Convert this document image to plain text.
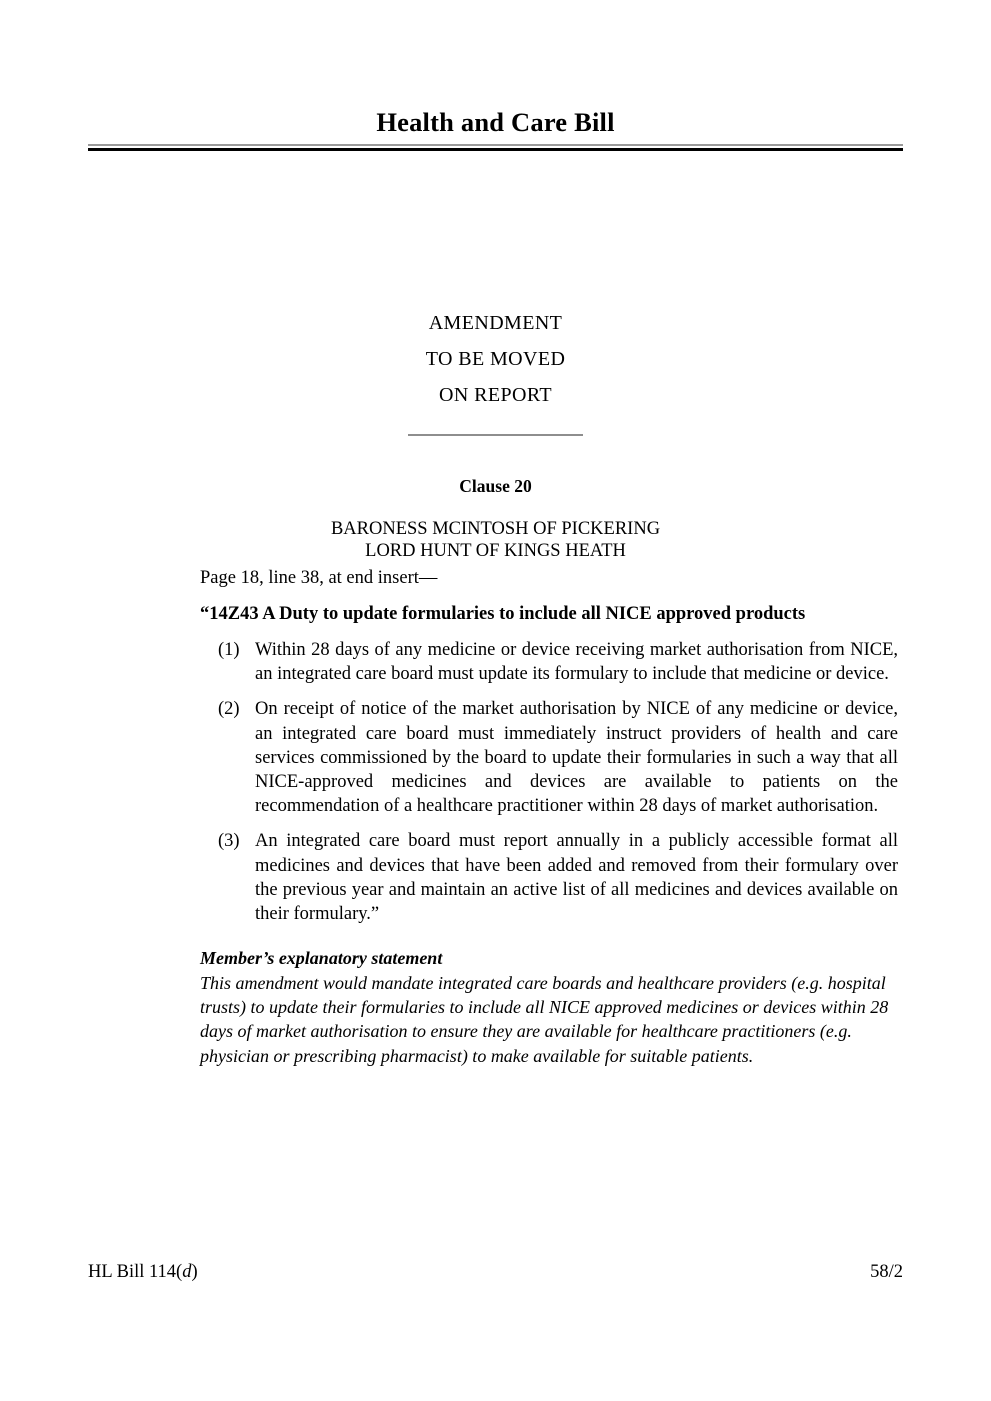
Health and Care Bill
AMENDMENT
TO BE MOVED
ON REPORT
Clause 20
BARONESS MCINTOSH OF PICKERING
LORD HUNT OF KINGS HEATH
Page 18, line 38, at end insert—
“14Z43 A Duty to update formularies to include all NICE approved products
(1) Within 28 days of any medicine or device receiving market authorisation from NICE, an integrated care board must update its formulary to include that medicine or device.
(2) On receipt of notice of the market authorisation by NICE of any medicine or device, an integrated care board must immediately instruct providers of health and care services commissioned by the board to update their formularies in such a way that all NICE-approved medicines and devices are available to patients on the recommendation of a healthcare practitioner within 28 days of market authorisation.
(3) An integrated care board must report annually in a publicly accessible format all medicines and devices that have been added and removed from their formulary over the previous year and maintain an active list of all medicines and devices available on their formulary.”
Member’s explanatory statement
This amendment would mandate integrated care boards and healthcare providers (e.g. hospital trusts) to update their formularies to include all NICE approved medicines or devices within 28 days of market authorisation to ensure they are available for healthcare practitioners (e.g. physician or prescribing pharmacist) to make available for suitable patients.
HL Bill 114(d)	58/2
